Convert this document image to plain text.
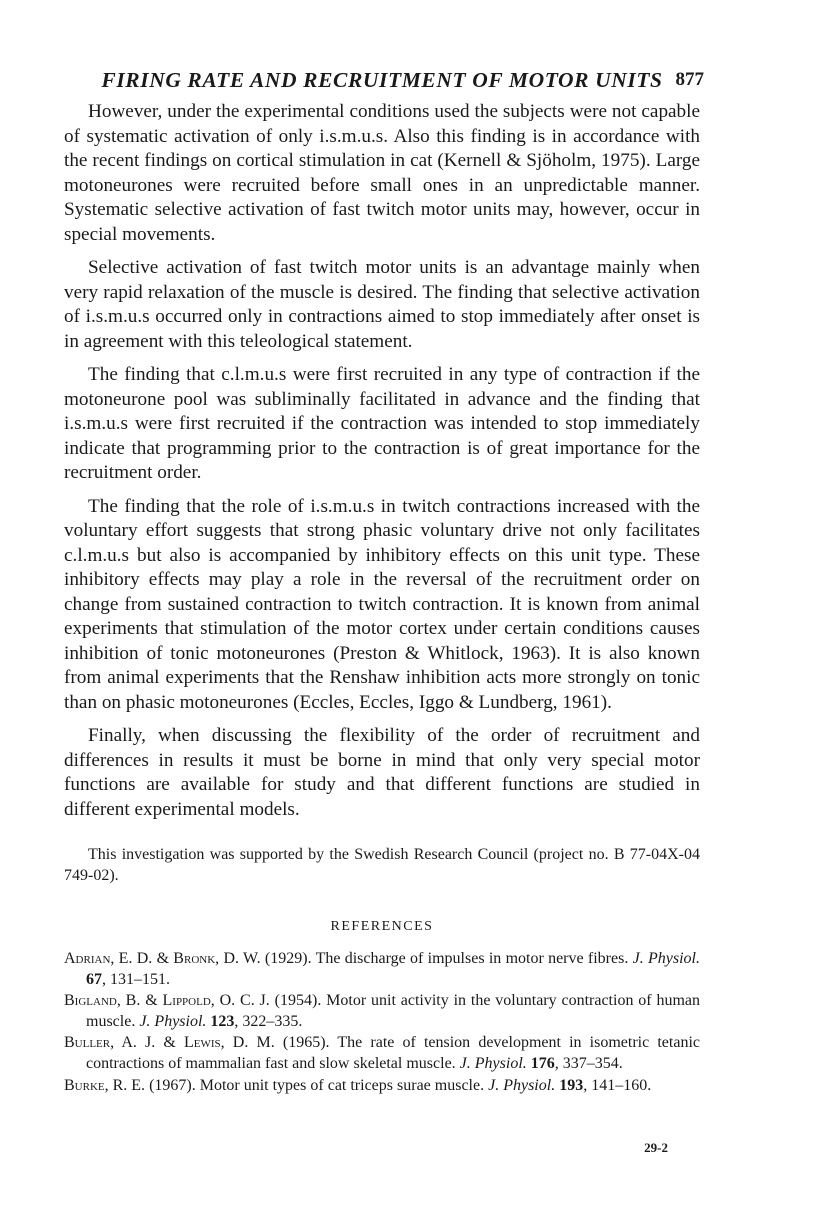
FIRING RATE AND RECRUITMENT OF MOTOR UNITS 877

However, under the experimental conditions used the subjects were not capable of systematic activation of only i.s.m.u.s. Also this finding is in accordance with the recent findings on cortical stimulation in cat (Kernell & Sjöholm, 1975). Large motoneurones were recruited before small ones in an unpredictable manner. Systematic selective activation of fast twitch motor units may, however, occur in special movements.

Selective activation of fast twitch motor units is an advantage mainly when very rapid relaxation of the muscle is desired. The finding that selective activation of i.s.m.u.s occurred only in contractions aimed to stop immediately after onset is in agreement with this teleological statement.

The finding that c.l.m.u.s were first recruited in any type of contraction if the motoneurone pool was subliminally facilitated in advance and the finding that i.s.m.u.s were first recruited if the contraction was intended to stop immediately indicate that programming prior to the contraction is of great importance for the recruitment order.

The finding that the role of i.s.m.u.s in twitch contractions increased with the voluntary effort suggests that strong phasic voluntary drive not only facilitates c.l.m.u.s but also is accompanied by inhibitory effects on this unit type. These inhibitory effects may play a role in the reversal of the recruitment order on change from sustained contraction to twitch contraction. It is known from animal experiments that stimulation of the motor cortex under certain conditions causes inhibition of tonic motoneurones (Preston & Whitlock, 1963). It is also known from animal experiments that the Renshaw inhibition acts more strongly on tonic than on phasic motoneurones (Eccles, Eccles, Iggo & Lundberg, 1961).

Finally, when discussing the flexibility of the order of recruitment and differences in results it must be borne in mind that only very special motor functions are available for study and that different functions are studied in different experimental models.

This investigation was supported by the Swedish Research Council (project no. B 77-04X-04 749-02).

REFERENCES

Adrian, E. D. & Bronk, D. W. (1929). The discharge of impulses in motor nerve fibres. J. Physiol. 67, 131–151.

Bigland, B. & Lippold, O. C. J. (1954). Motor unit activity in the voluntary contraction of human muscle. J. Physiol. 123, 322–335.

Buller, A. J. & Lewis, D. M. (1965). The rate of tension development in isometric tetanic contractions of mammalian fast and slow skeletal muscle. J. Physiol. 176, 337–354.

Burke, R. E. (1967). Motor unit types of cat triceps surae muscle. J. Physiol. 193, 141–160.

29-2
